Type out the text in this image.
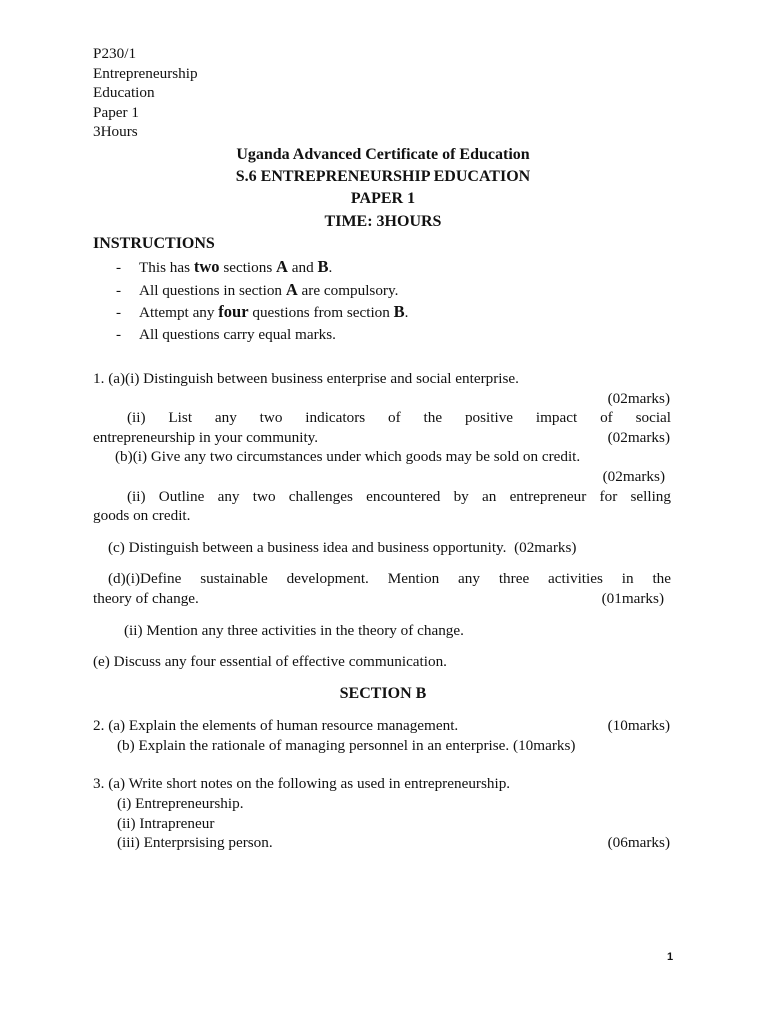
P230/1
Entrepreneurship
Education
Paper 1
3Hours
Uganda Advanced Certificate of Education
S.6 ENTREPRENEURSHIP EDUCATION
PAPER 1
TIME: 3HOURS
INSTRUCTIONS
- This has two sections A and B.
- All questions in section A are compulsory.
- Attempt any four questions from section B.
- All questions carry equal marks.
1. (a)(i) Distinguish between business enterprise and social enterprise.
(02marks)
(ii) List any two indicators of the positive impact of social
entrepreneurship in your community.	(02marks)
(b)(i) Give any two circumstances under which goods may be sold on credit.
(02marks)
(ii) Outline any two challenges encountered by an entrepreneur for selling
goods on credit.
(c) Distinguish between a business idea and business opportunity. (02marks)
(d)(i)Define sustainable development. Mention any three activities in the
theory of change.	(01marks)
(ii) Mention any three activities in the theory of change.
(e) Discuss any four essential of effective communication.
SECTION B
2. (a) Explain the elements of human resource management.	(10marks)
(b) Explain the rationale of managing personnel in an enterprise. (10marks)
3. (a) Write short notes on the following as used in entrepreneurship.
(i) Entrepreneurship.
(ii) Intrapreneur
(iii) Enterprsising person.	(06marks)
1
